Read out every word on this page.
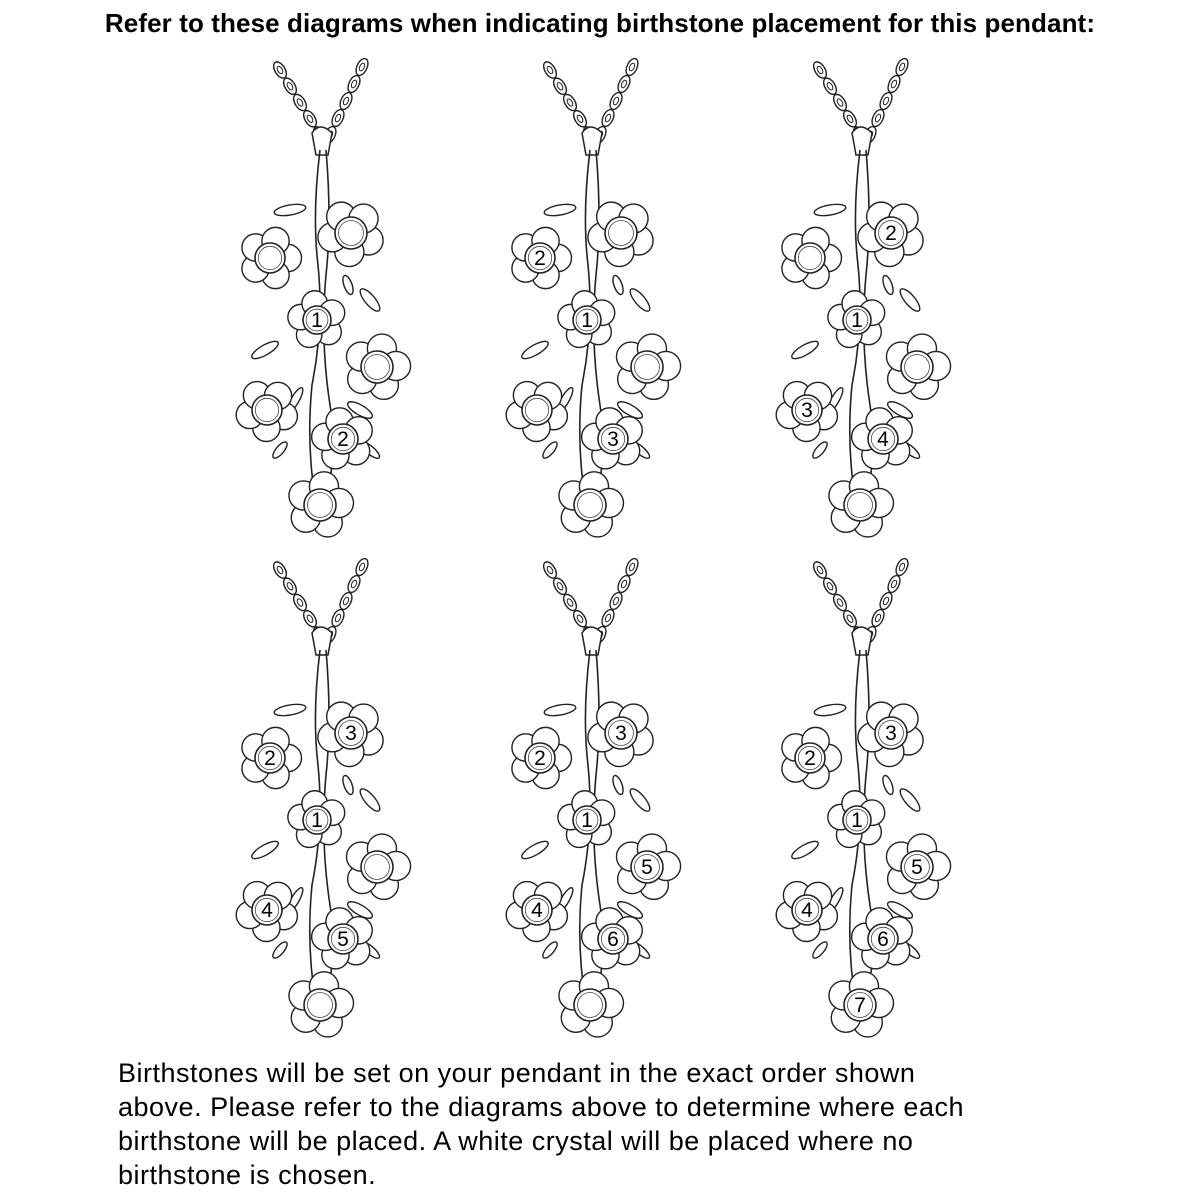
Refer to these diagrams when indicating birthstone placement for this pendant:
1
2
2
1
3
2
1
3
4
2
3
1
4
5
2
3
1
5
4
6
2
3
1
5
4
6
7

Birthstones will be set on your pendant in the exact order shown

above. Please refer to the diagrams above to determine where each

birthstone will be placed. A white crystal will be placed where no

birthstone is chosen.
